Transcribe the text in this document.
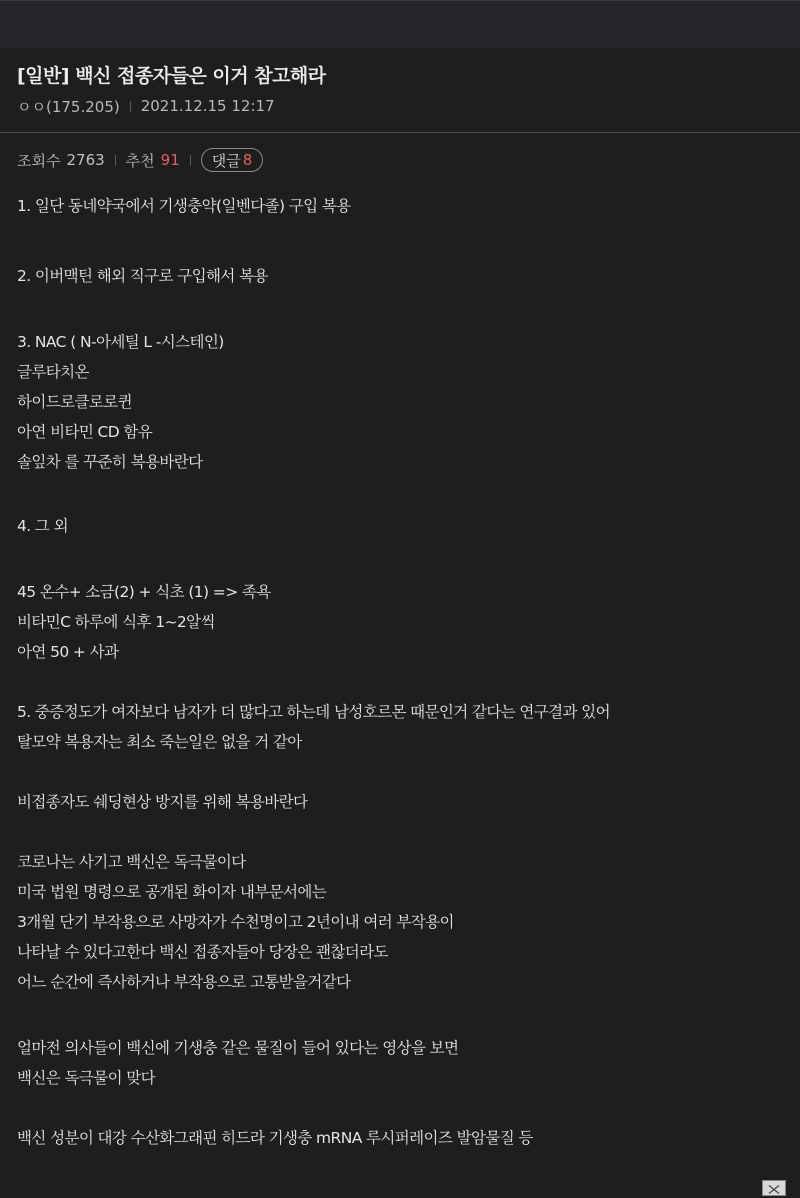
[일반] 백신 접종자들은 이거 참고해라
ㅇㅇ(175.205) 2021.12.15 12:17
조회수 2763 추천 91 댓글 8
1. 일단 동네약국에서 기생충약(일벤다졸) 구입 복용
2. 이버맥틴 해외 직구로 구입해서 복용
3. NAC ( N-아세틸 L -시스테인)
글루타치온
하이드로클로로퀸
아연 비타민 CD 함유
솔잎차 를 꾸준히 복용바란다
4. 그 외
45 온수+ 소금(2) + 식초 (1) => 족욕
비타민C 하루에 식후 1~2알씩
아연 50 + 사과
5. 중증정도가 여자보다 남자가 더 많다고 하는데 남성호르몬 때문인거 같다는 연구결과 있어
탈모약 복용자는 최소 죽는일은 없을 거 같아
비접종자도 쉐딩현상 방지를 위해 복용바란다
코로나는 사기고 백신은 독극물이다
미국 법원 명령으로 공개된 화이자 내부문서에는
3개월 단기 부작용으로 사망자가 수천명이고 2년이내 여러 부작용이
나타날 수 있다고한다 백신 접종자들아 당장은 괜찮더라도
어느 순간에 즉사하거나 부작용으로 고통받을거같다
얼마전 의사들이 백신에 기생충 같은 물질이 들어 있다는 영상을 보면
백신은 독극물이 맞다
백신 성분이 대강 수산화그래핀 히드라 기생충 mRNA 루시퍼레이즈 발암물질 등
